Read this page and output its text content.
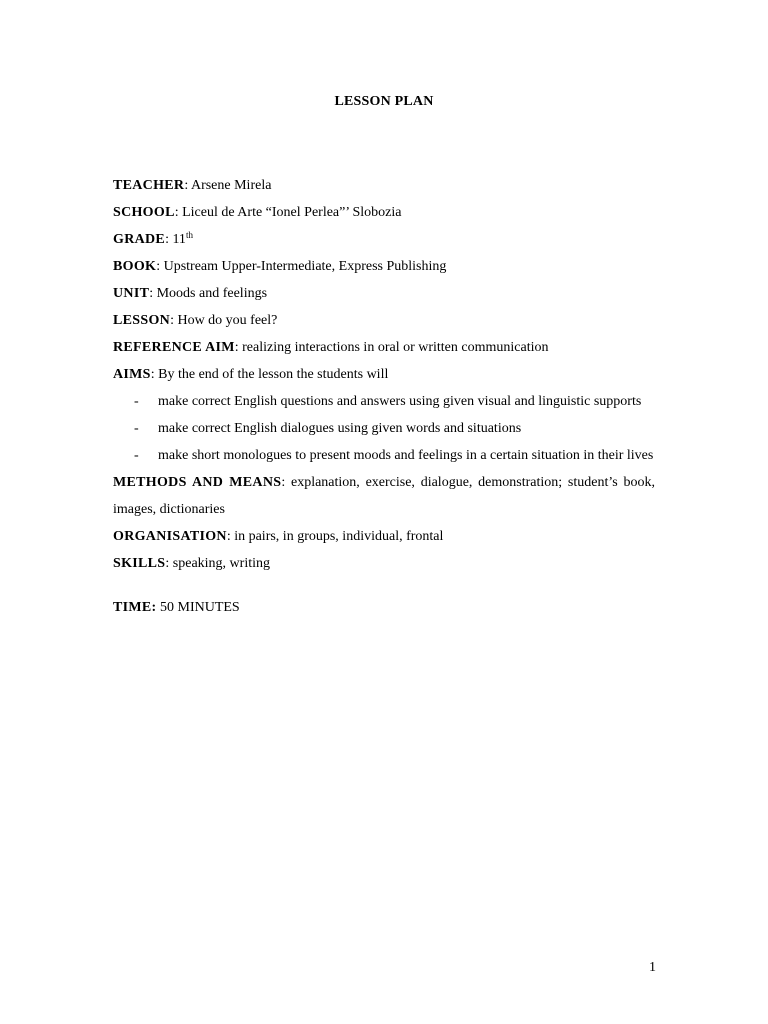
LESSON PLAN

TEACHER: Arsene Mirela

SCHOOL: Liceul de Arte “Ionel Perlea”’ Slobozia

GRADE: 11th

BOOK: Upstream Upper-Intermediate, Express Publishing

UNIT: Moods and feelings

LESSON: How do you feel?

REFERENCE AIM: realizing interactions in oral or written communication

AIMS: By the end of the lesson the students will

- make correct English questions and answers using given visual and linguistic supports
- make correct English dialogues using given words and situations
- make short monologues to present moods and feelings in a certain situation in their lives

METHODS AND MEANS: explanation, exercise, dialogue, demonstration; student’s book, images, dictionaries

ORGANISATION: in pairs, in groups, individual, frontal

SKILLS: speaking, writing

TIME: 50 MINUTES

1
